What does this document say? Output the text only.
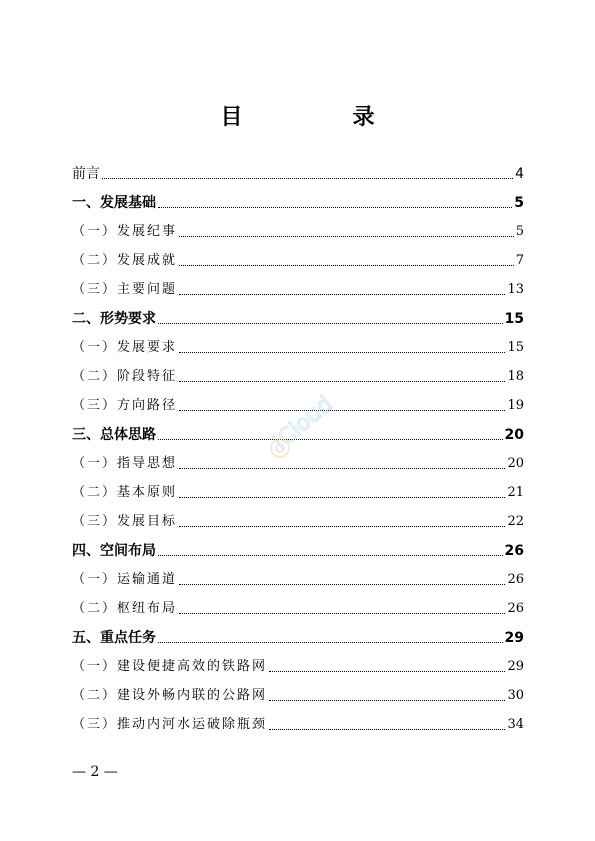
目　录
前言	4
一、发展基础	5
（一）发展纪事	5
（二）发展成就	7
（三）主要问题	13
二、形势要求	15
（一）发展要求	15
（二）阶段特征	18
（三）方向路径	19
三、总体思路	20
（一）指导思想	20
（二）基本原则	21
（三）发展目标	22
四、空间布局	26
（一）运输通道	26
（二）枢纽布局	26
五、重点任务	29
（一）建设便捷高效的铁路网	29
（二）建设外畅内联的公路网	30
（三）推动内河水运破除瓶颈	34
iCloud
— 2 —
